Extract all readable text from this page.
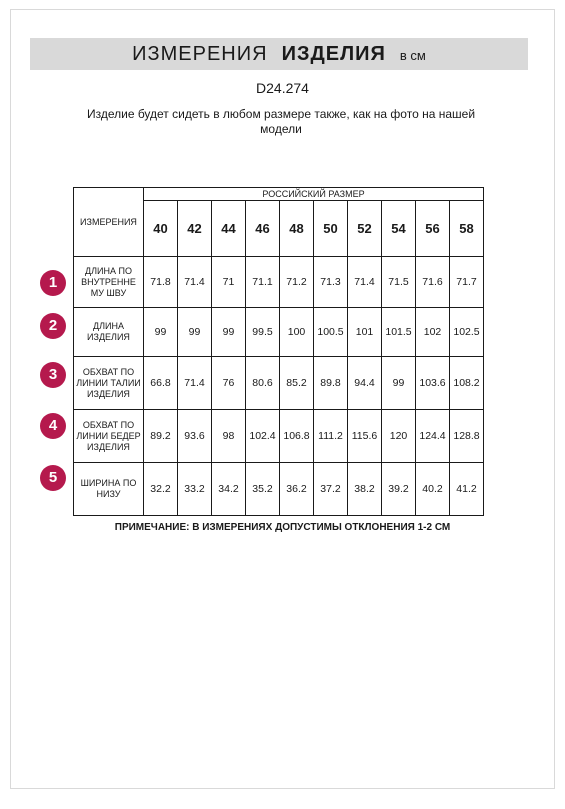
ИЗМЕРЕНИЯ ИЗДЕЛИЯ в см
D24.274
Изделие будет сидеть в любом размере также, как на фото на нашей модели
ИЗМЕРЕНИЯ	РОССИЙСКИЙ РАЗМЕР									
	40	42	44	46	48	50	52	54	56	58
ДЛИНА ПО ВНУТРЕННЕ МУ ШВУ	71.8	71.4	71	71.1	71.2	71.3	71.4	71.5	71.6	71.7
ДЛИНА ИЗДЕЛИЯ	99	99	99	99.5	100	100.5	101	101.5	102	102.5
ОБХВАТ ПО ЛИНИИ ТАЛИИ ИЗДЕЛИЯ	66.8	71.4	76	80.6	85.2	89.8	94.4	99	103.6	108.2
ОБХВАТ ПО ЛИНИИ БЕДЕР ИЗДЕЛИЯ	89.2	93.6	98	102.4	106.8	111.2	115.6	120	124.4	128.8
ШИРИНА ПО НИЗУ	32.2	33.2	34.2	35.2	36.2	37.2	38.2	39.2	40.2	41.2
1
2
3
4
5
ПРИМЕЧАНИЕ: В ИЗМЕРЕНИЯХ ДОПУСТИМЫ ОТКЛОНЕНИЯ 1-2 СМ
